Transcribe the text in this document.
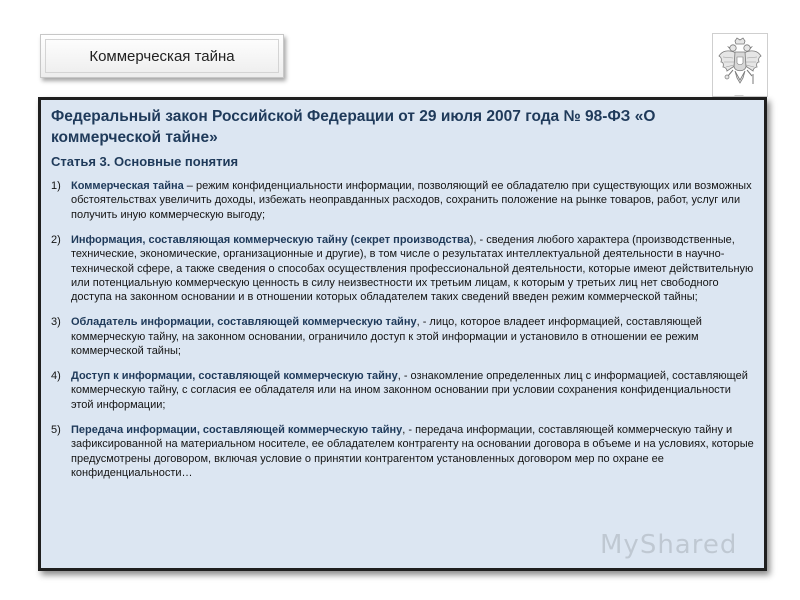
Коммерческая тайна
Федеральный закон Российской Федерации от 29 июля 2007 года № 98-ФЗ «О коммерческой тайне»
Статья 3. Основные понятия
1) Коммерческая тайна – режим конфиденциальности информации, позволяющий ее обладателю при существующих или возможных обстоятельствах увеличить доходы, избежать неоправданных расходов, сохранить положение на рынке товаров, работ, услуг или получить иную коммерческую выгоду;
2) Информация, составляющая коммерческую тайну (секрет производства), - сведения любого характера (производственные, технические, экономические, организационные и другие), в том числе о результатах интеллектуальной деятельности в научно-технической сфере, а также сведения о способах осуществления профессиональной деятельности, которые имеют действительную или потенциальную коммерческую ценность в силу неизвестности их третьим лицам, к которым у третьих лиц нет свободного доступа на законном основании и в отношении которых обладателем таких сведений введен режим коммерческой тайны;
3) Обладатель информации, составляющей коммерческую тайну, - лицо, которое владеет информацией, составляющей коммерческую тайну, на законном основании, ограничило доступ к этой информации и установило в отношении ее режим коммерческой тайны;
4) Доступ к информации, составляющей коммерческую тайну, - ознакомление определенных лиц с информацией, составляющей коммерческую тайну, с согласия ее обладателя или на ином законном основании при условии сохранения конфиденциальности этой информации;
5) Передача информации, составляющей коммерческую тайну, - передача информации, составляющей коммерческую тайну и зафиксированной на материальном носителе, ее обладателем контрагенту на основании договора в объеме и на условиях, которые предусмотрены договором, включая условие о принятии контрагентом установленных договором мер по охране ее конфиденциальности…
MyShared
